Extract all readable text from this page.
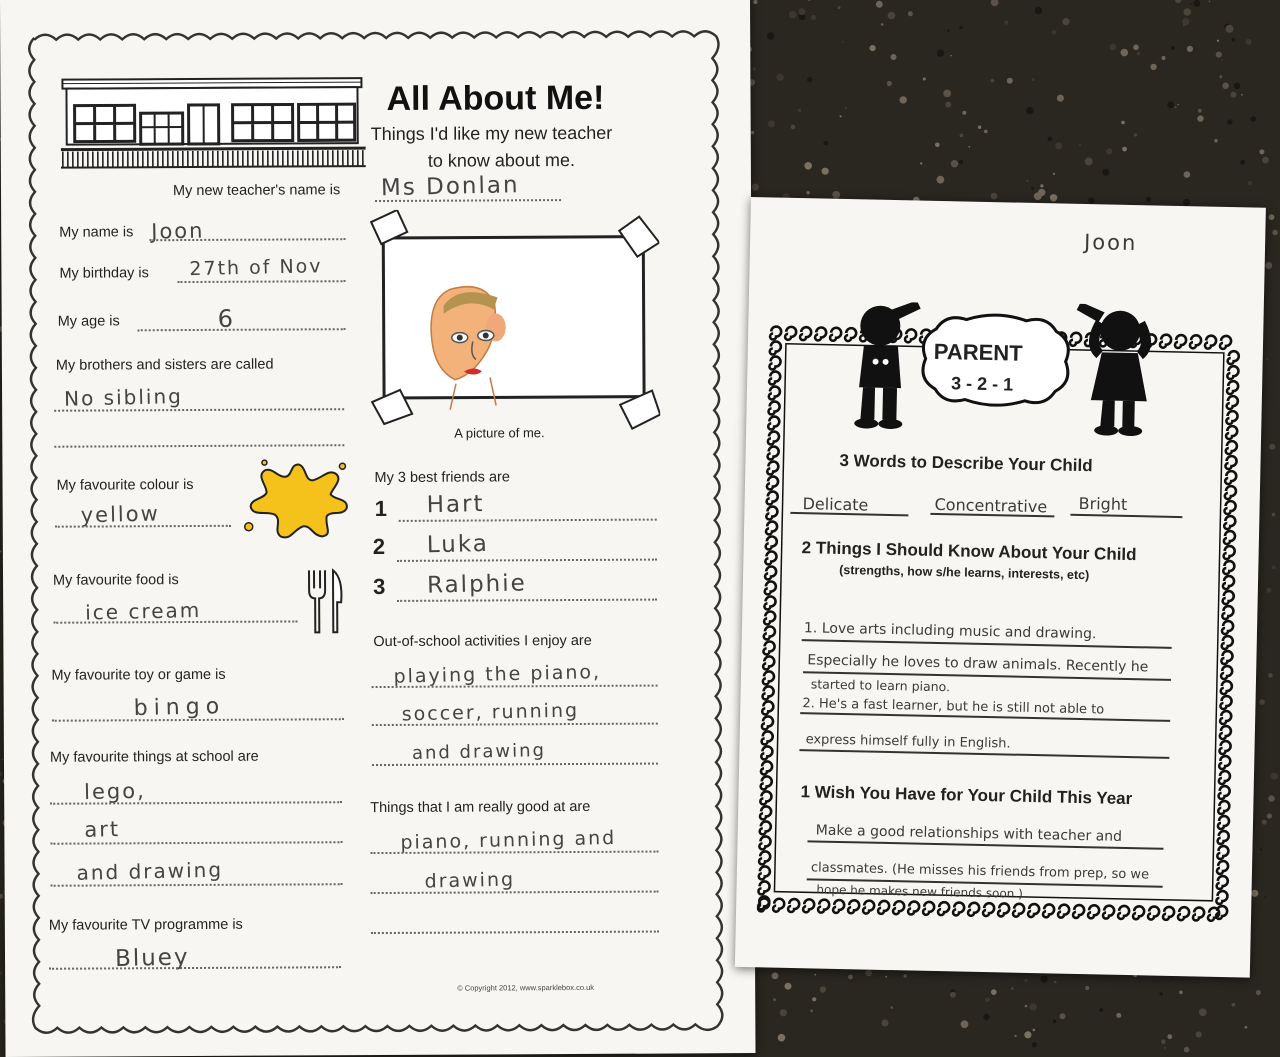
All About Me!
Things I'd like my new teacher
to know about me.
My new teacher's name is Ms Donlan
My name is Joon
My birthday is 27th of Nov
My age is	6
My brothers and sisters are called
No sibling
A picture of me.
My favourite colour is
yellow
My favourite food is
ice cream
My favourite toy or game is
bingo
My favourite things at school are
lego,
art
and drawing
My favourite TV programme is
Bluey
My 3 best friends are
1 Hart
2 Luka
3 Ralphie
Out-of-school activities I enjoy are
playing the piano,
soccer, running
and drawing
Things that I am really good at are
piano, running and
drawing
© Copyright 2012, www.sparklebox.co.uk
Joon
PARENT
3 - 2 - 1
3 Words to Describe Your Child
Delicate	Concentrative Bright
2 Things I Should Know About Your Child
(strengths, how s/he learns, interests, etc)
1. Love arts including music and drawing.
Especially he loves to draw animals. Recently he
started to learn piano.
2. He's a fast learner, but he is still not able to
express himself fully in English.
1 Wish You Have for Your Child This Year
Make a good relationships with teacher and
classmates. (He misses his friends from prep, so we
hope he makes new friends soon.)
